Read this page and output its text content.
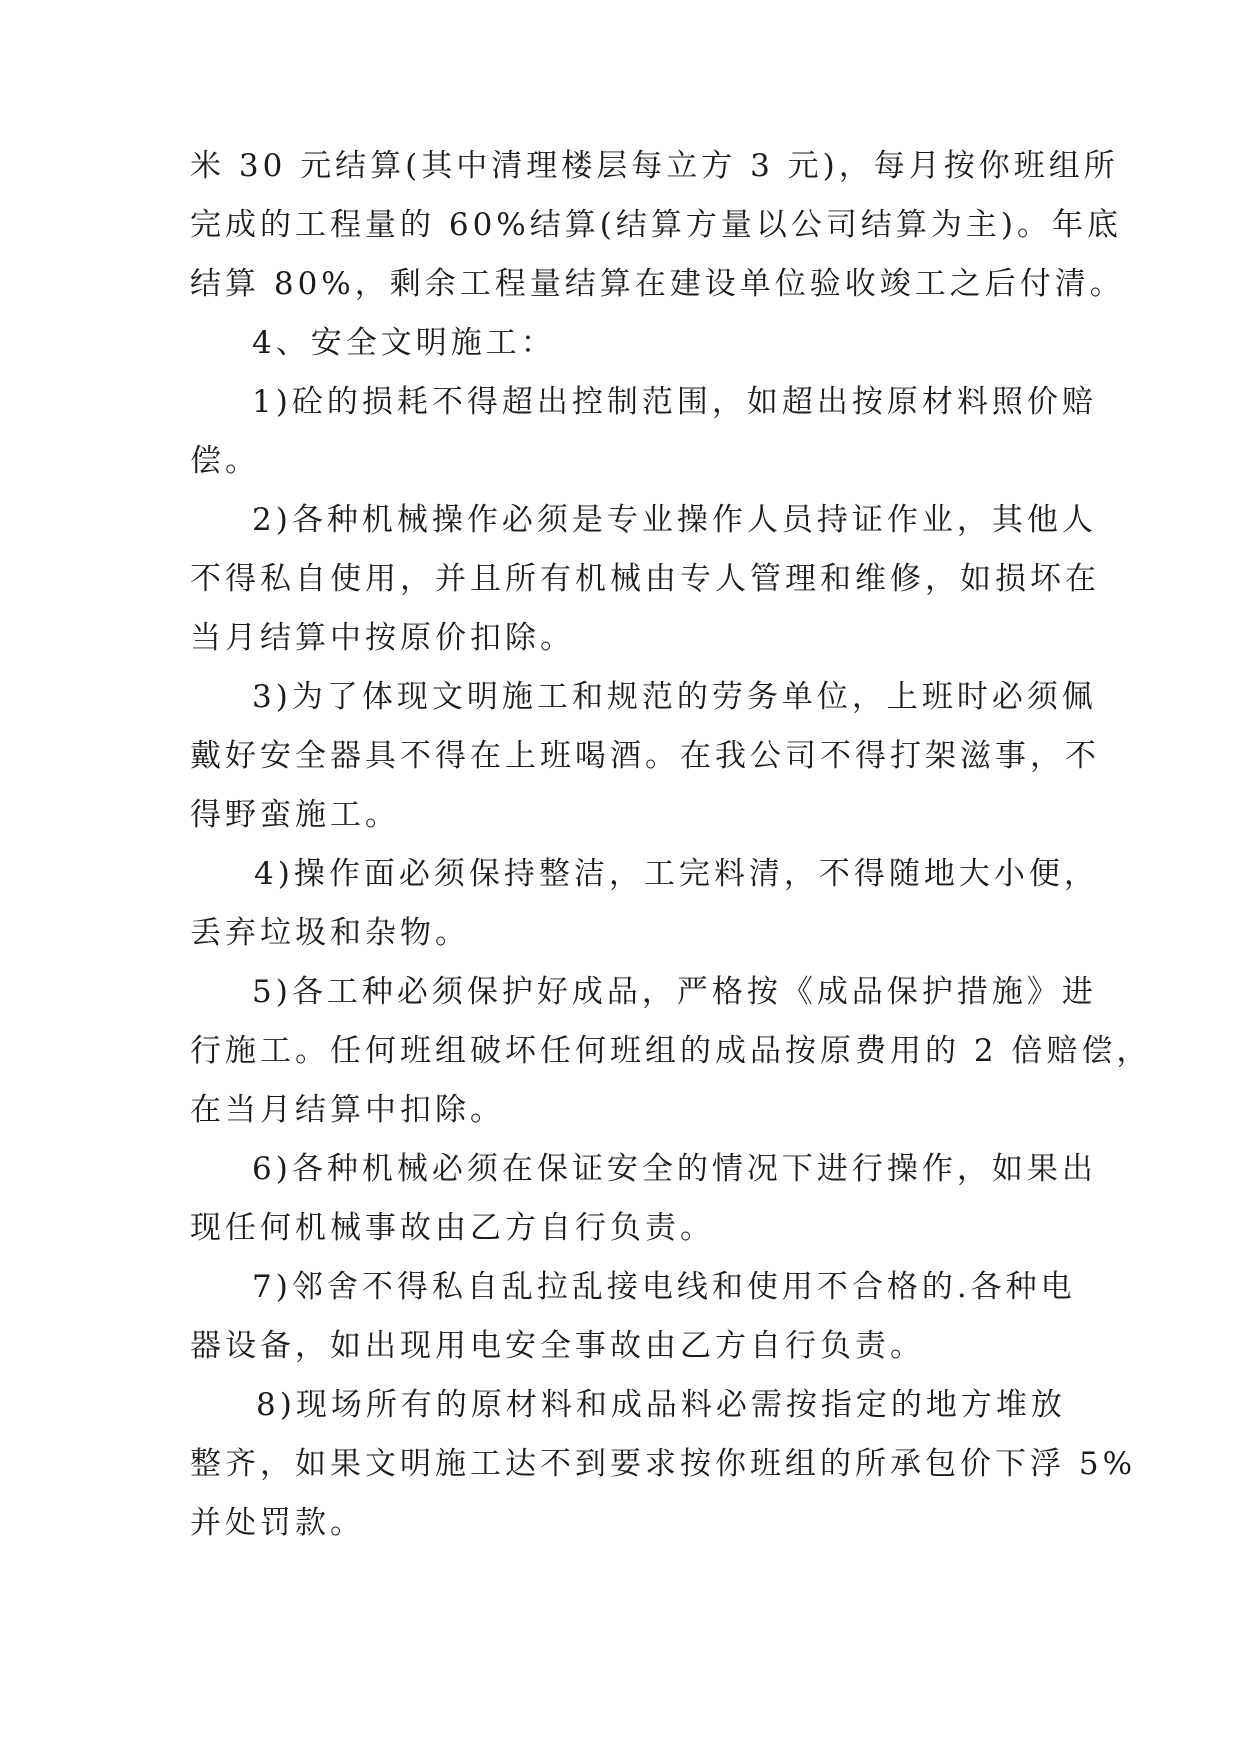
米 30 元结算(其中清理楼层每立方 3 元)，每月按你班组所
完成的工程量的 60%结算(结算方量以公司结算为主)。年底
结算 80%，剩余工程量结算在建设单位验收竣工之后付清。
4、安全文明施工：
1)砼的损耗不得超出控制范围，如超出按原材料照价赔
偿。
2)各种机械操作必须是专业操作人员持证作业，其他人
不得私自使用，并且所有机械由专人管理和维修，如损坏在
当月结算中按原价扣除。
3)为了体现文明施工和规范的劳务单位，上班时必须佩
戴好安全器具不得在上班喝酒。在我公司不得打架滋事，不
得野蛮施工。
4)操作面必须保持整洁，工完料清，不得随地大小便，
丢弃垃圾和杂物。
5)各工种必须保护好成品，严格按《成品保护措施》进
行施工。任何班组破坏任何班组的成品按原费用的 2 倍赔偿，
在当月结算中扣除。
6)各种机械必须在保证安全的情况下进行操作，如果出
现任何机械事故由乙方自行负责。
7)邻舍不得私自乱拉乱接电线和使用不合格的.各种电
器设备，如出现用电安全事故由乙方自行负责。
8)现场所有的原材料和成品料必需按指定的地方堆放
整齐，如果文明施工达不到要求按你班组的所承包价下浮 5%
并处罚款。
